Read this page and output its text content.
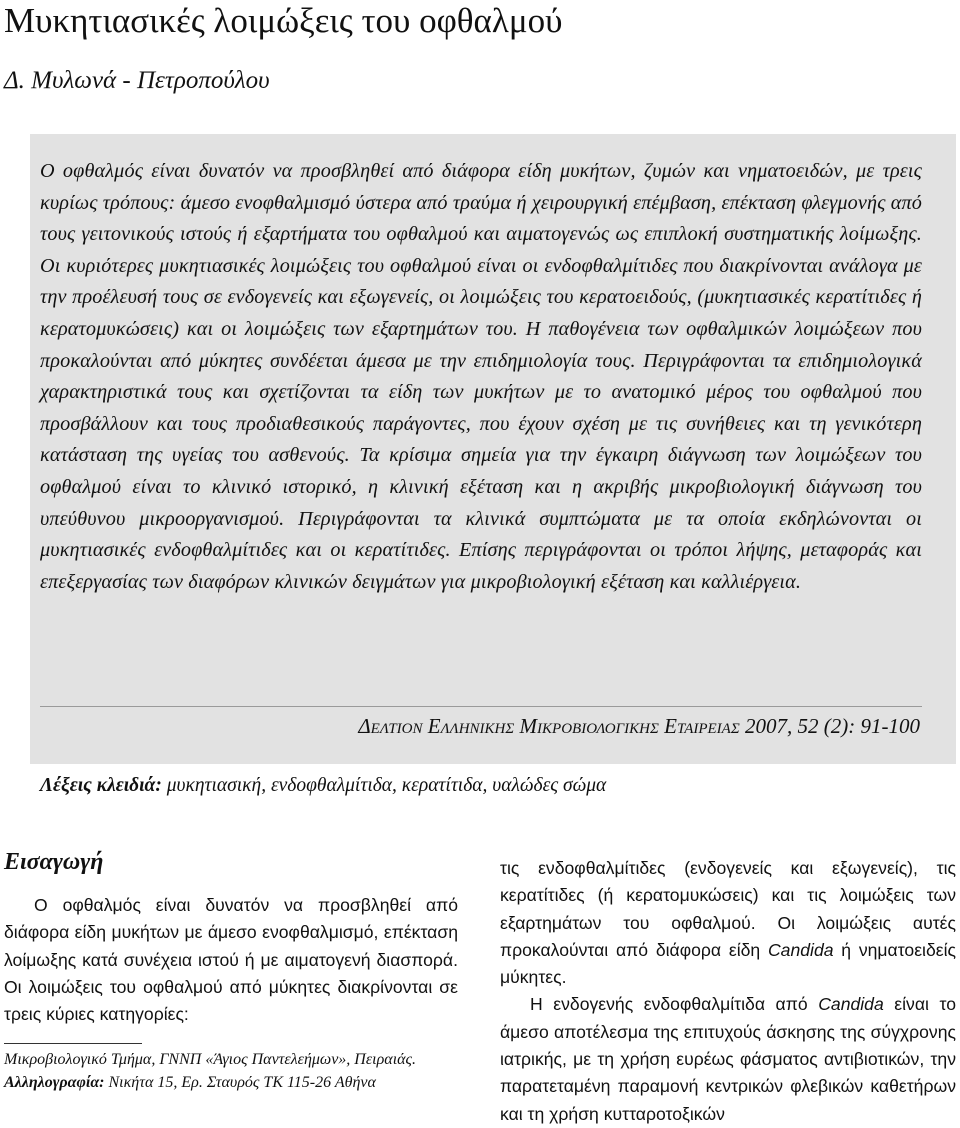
Μυκητιασικές λοιμώξεις του οφθαλμού
Δ. Μυλωνά - Πετροπούλου
Ο οφθαλμός είναι δυνατόν να προσβληθεί από διάφορα είδη μυκήτων, ζυμών και νηματοειδών, με τρεις κυρίως τρόπους: άμεσο ενοφθαλμισμό ύστερα από τραύμα ή χειρουργική επέμβαση, επέκταση φλεγμονής από τους γειτονικούς ιστούς ή εξαρτήματα του οφθαλμού και αιματογενώς ως επιπλοκή συστηματικής λοίμωξης. Οι κυριότερες μυκητιασικές λοιμώξεις του οφθαλμού είναι οι ενδοφθαλμίτιδες που διακρίνονται ανάλογα με την προέλευσή τους σε ενδογενείς και εξωγενείς, οι λοιμώξεις του κερατοειδούς, (μυκητιασικές κερατίτιδες ή κερατομυκώσεις) και οι λοιμώξεις των εξαρτημάτων του. Η παθογένεια των οφθαλμικών λοιμώξεων που προκαλούνται από μύκητες συνδέεται άμεσα με την επιδημιολογία τους. Περιγράφονται τα επιδημιολογικά χαρακτηριστικά τους και σχετίζονται τα είδη των μυκήτων με το ανατομικό μέρος του οφθαλμού που προσβάλλουν και τους προδιαθεσικούς παράγοντες, που έχουν σχέση με τις συνήθειες και τη γενικότερη κατάσταση της υγείας του ασθενούς. Τα κρίσιμα σημεία για την έγκαιρη διάγνωση των λοιμώξεων του οφθαλμού είναι το κλινικό ιστορικό, η κλινική εξέταση και η ακριβής μικροβιολογική διάγνωση του υπεύθυνου μικροοργανισμού. Περιγράφονται τα κλινικά συμπτώματα με τα οποία εκδηλώνονται οι μυκητιασικές ενδοφθαλμίτιδες και οι κερατίτιδες. Επίσης περιγράφονται οι τρόποι λήψης, μεταφοράς και επεξεργασίας των διαφόρων κλινικών δειγμάτων για μικροβιολογική εξέταση και καλλιέργεια.
ΔΕΛΤΙΟΝ ΕΛΛΗΝΙΚΗΣ ΜΙΚΡΟΒΙΟΛΟΓΙΚΗΣ ΕΤΑΙΡΕΙΑΣ 2007, 52 (2): 91-100
Λέξεις κλειδιά: μυκητιασική, ενδοφθαλμίτιδα, κερατίτιδα, υαλώδες σώμα
Εισαγωγή

Ο οφθαλμός είναι δυνατόν να προσβληθεί από διάφορα είδη μυκήτων με άμεσο ενοφθαλμισμό, επέκταση λοίμωξης κατά συνέχεια ιστού ή με αιματογενή διασπορά. Οι λοιμώξεις του οφθαλμού από μύκητες διακρίνονται σε τρεις κύριες κατηγορίες:

Μικροβιολογικό Τμήμα, ΓΝΝΠ «Άγιος Παντελεήμων», Πειραιάς.

Αλληλογραφία: Νικήτα 15, Ερ. Σταυρός ΤΚ 115-26 Αθήνα

τις ενδοφθαλμίτιδες (ενδογενείς και εξωγενείς), τις κερατίτιδες (ή κερατομυκώσεις) και τις λοιμώξεις των εξαρτημάτων του οφθαλμού. Οι λοιμώξεις αυτές προκαλούνται από διάφορα είδη Candida ή νηματοειδείς μύκητες.

Η ενδογενής ενδοφθαλμίτιδα από Candida είναι το άμεσο αποτέλεσμα της επιτυχούς άσκησης της σύγχρονης ιατρικής, με τη χρήση ευρέως φάσματος αντιβιοτικών, την παρατεταμένη παραμονή κεντρικών φλεβικών καθετήρων και τη χρήση κυτταροτοξικών
